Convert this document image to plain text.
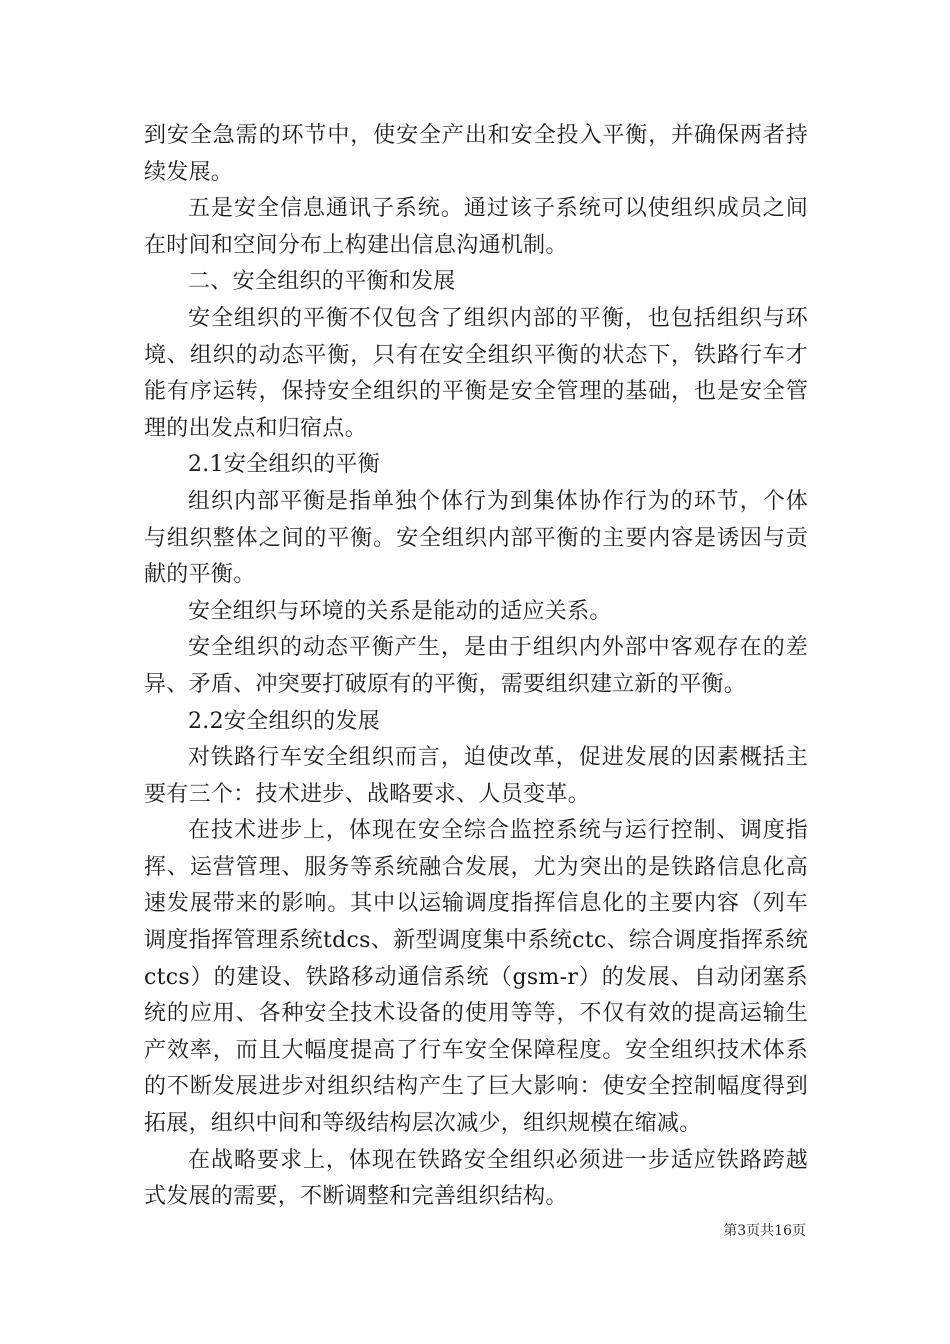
到安全急需的环节中，使安全产出和安全投入平衡，并确保两者持续发展。

五是安全信息通讯子系统。通过该子系统可以使组织成员之间在时间和空间分布上构建出信息沟通机制。

二、安全组织的平衡和发展

安全组织的平衡不仅包含了组织内部的平衡，也包括组织与环境、组织的动态平衡，只有在安全组织平衡的状态下，铁路行车才能有序运转，保持安全组织的平衡是安全管理的基础，也是安全管理的出发点和归宿点。

2.1安全组织的平衡

组织内部平衡是指单独个体行为到集体协作行为的环节，个体与组织整体之间的平衡。安全组织内部平衡的主要内容是诱因与贡献的平衡。

安全组织与环境的关系是能动的适应关系。

安全组织的动态平衡产生，是由于组织内外部中客观存在的差异、矛盾、冲突要打破原有的平衡，需要组织建立新的平衡。

2.2安全组织的发展

对铁路行车安全组织而言，迫使改革，促进发展的因素概括主要有三个：技术进步、战略要求、人员变革。

在技术进步上，体现在安全综合监控系统与运行控制、调度指挥、运营管理、服务等系统融合发展，尤为突出的是铁路信息化高速发展带来的影响。其中以运输调度指挥信息化的主要内容（列车调度指挥管理系统tdcs、新型调度集中系统ctc、综合调度指挥系统ctcs）的建设、铁路移动通信系统（gsm-r）的发展、自动闭塞系统的应用、各种安全技术设备的使用等等，不仅有效的提高运输生产效率，而且大幅度提高了行车安全保障程度。安全组织技术体系的不断发展进步对组织结构产生了巨大影响：使安全控制幅度得到拓展，组织中间和等级结构层次减少，组织规模在缩减。

在战略要求上，体现在铁路安全组织必须进一步适应铁路跨越式发展的需要，不断调整和完善组织结构。

第3页共16页
